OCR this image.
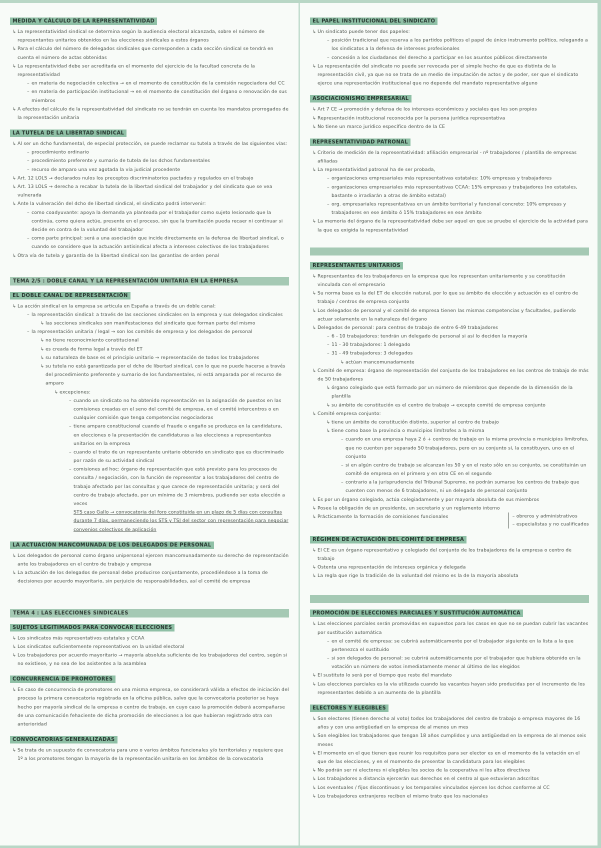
MEDIDA Y CÁLCULO DE LA REPRESENTATIVIDAD
↳ La representatividad sindical se determina según la audiencia electoral alcanzada, sobre el número de representantes unitarios obtenidos en las elecciones sindicales a estos órganos
↳ Para el cálculo del número de delegados sindicales que corresponden a cada sección sindical se tendrá en cuenta el número de actas obtenidas
↳ La representatividad debe ser acreditada en el momento del ejercicio de la facultad concreta de la representatividad
– en materia de negociación colectiva → en el momento de constitución de la comisión negociadora del CC
– en materia de participación institucional → en el momento de constitución del órgano o renovación de sus miembros
↳ A efectos del cálculo de la representatividad del sindicato no se tendrán en cuenta los mandatos prorrogados de la representación unitaria
LA TUTELA DE LA LIBERTAD SINDICAL
↳ Al ser un dcho fundamental, de especial protección, se puede reclamar su tutela a través de las siguientes vías:
– procedimiento ordinario
– procedimiento preferente y sumario de tutela de los dchos fundamentales
– recurso de amparo una vez agotada la vía judicial procedente
↳ Art. 12 LOLS → declarados nulos los preceptos discriminatorios pactados y regulados en el trabajo
↳ Art. 13 LOLS → derecho a recabar la tutela de la libertad sindical del trabajador y del sindicato que se vea vulnerada
↳ Ante la vulneración del dcho de libertad sindical, el sindicato podrá intervenir:
– como coadyuvante: apoya la demanda ya planteada por el trabajador como sujeto lesionado que la continúa, como quiera actúe, presente en el proceso, sin que la tramitación pueda recaer ni continuar si decide en contra de la voluntad del trabajador
– como parte principal: será a una asociación que incide directamente en la defensa de libertad sindical, o cuando se considere que la actuación antisindical afecta a intereses colectivos de los trabajadores
↳ Otra vía de tutela y garantía de la libertad sindical son las garantías de orden penal
TEMA 2/5 : DOBLE CANAL Y LA REPRESENTACIÓN UNITARIA EN LA EMPRESA
EL DOBLE CANAL DE REPRESENTACIÓN
↳ La acción sindical en la empresa se articula en España a través de un doble canal:
– la representación sindical: a través de las secciones sindicales en la empresa y sus delegados sindicales
↳ las secciones sindicales son manifestaciones del sindicato que forman parte del mismo
– la representación unitaria / legal → son los comités de empresa y los delegados de personal
↳ no tiene reconocimiento constitucional
↳ es creada de forma legal a través del ET
↳ su naturaleza de base es el principio unitario → representación de todos los trabajadores
↳ su tutela no está garantizada por el dcho de libertad sindical, con lo que no puede hacerse a través del procedimiento preferente y sumario de los fundamentales, ni está amparada por el recurso de amparo
↳ excepciones:
– cuando un sindicato no ha obtenido representación en la asignación de puestos en las comisiones creadas en el seno del comité de empresa, en el comité intercentros o en cualquier comisión que tenga competencias negociadoras
– tiene amparo constitucional cuando el fraude o engaño se produzca en la candidatura, en elecciones o la presentación de candidaturas a las elecciones a representantes unitarios en la empresa
– cuando el trato de un representante unitario obtenido en sindicato que es discriminado por razón de su actividad sindical
– comisiones ad hoc: órgano de representación que está previsto para los procesos de consulta / negociación, con la función de representar a los trabajadores del centro de trabajo afectado por las consultas y que carece de representación unitaria; y será del centro de trabajo afectado, por un mínimo de 3 miembros, pudiendo ser esta elección a veces
STS caso Gallo → convocatoria del foro constituida en un plazo de 5 días con consultas durante 7 días, permaneciendo los STS y TSJ del sector con representación para negociar convenios colectivos de aplicación
LA ACTUACIÓN MANCOMUNADA DE LOS DELEGADOS DE PERSONAL
↳ Los delegados de personal como órgano unipersonal ejercen mancomunadamente su derecho de representación ante los trabajadores en el centro de trabajo y empresa
↳ La actuación de los delegados de personal debe producirse conjuntamente, procediéndose a la toma de decisiones por acuerdo mayoritario, sin perjuicio de responsabilidades, así el comité de empresa
TEMA 4 : LAS ELECCIONES SINDICALES
SUJETOS LEGITIMADOS PARA CONVOCAR ELECCIONES
↳ Los sindicatos más representativos estatales y CCAA
↳ Los sindicatos suficientemente representativos en la unidad electoral
↳ Los trabajadores por acuerdo mayoritario → mayoría absoluta suficiente de los trabajadores del centro, según si no existiese, y no sea de los asistentes a la asamblea
CONCURRENCIA DE PROMOTORES
↳ En caso de concurrencia de promotores en una misma empresa, se considerará válida a efectos de iniciación del proceso la primera convocatoria registrada en la oficina pública, salvo que la convocatoria posterior se haya hecho por mayoría sindical de la empresa o centro de trabajo, en cuyo caso la promoción deberá acompañarse de una comunicación fehaciente de dicha promoción de elecciones a los que hubieran registrado otra con anterioridad
CONVOCATORIAS GENERALIZADAS
↳ Se trata de un supuesto de convocatoria para uno o varios ámbitos funcionales y/o territoriales y requiere que 1º a los promotores tengan la mayoría de la representación unitaria en los ámbitos de la convocatoria
EL PAPEL INSTITUCIONAL DEL SINDICATO
↳ Un sindicato puede tener dos papeles:
– posición tradicional que reserva a los partidos políticos el papel de único instrumento político, relegando a los sindicatos a la defensa de intereses profesionales
– concesión a los ciudadanos del derecho a participar en los asuntos públicos directamente
↳ La representación del sindicato no puede ser revocada por el simple hecho de que es distinta de la representación civil, ya que no se trata de un medio de imputación de actos y de poder, ser que el sindicato ejerce una representación institucional que no depende del mandato representativo alguno
ASOCIACIONISMO EMPRESARIAL
↳ Art 7 CE → promoción y defensa de los intereses económicos y sociales que les son propios
↳ Representación institucional reconocida por la persona jurídica representativa
↳ No tiene un marco jurídico específico dentro de la CE
REPRESENTATIVIDAD PATRONAL
↳ Criterio de medición de la representatividad: afiliación empresarial - nº trabajadores / plantilla de empresas afiliadas
↳ La representatividad patronal ha de ser probada,
– organizaciones empresariales más representativas estatales: 10% empresas y trabajadores
– organizaciones empresariales más representativas CCAA: 15% empresas y trabajadores (no estatales, bastante o irradiarán a otras de ámbito estatal)
– org. empresariales representativas en un ámbito territorial y funcional concreto: 10% empresas y trabajadores en ese ámbito ó 15% trabajadores en ese ámbito
↳ La memoria del órgano de la representatividad debe ser aquel en que se pruebe el ejercicio de la actividad para la que es exigida la representatividad
REPRESENTANTES UNITARIOS
↳ Representantes de los trabajadores en la empresa que los representan unitariamente y su constitución vinculada con el empresario
↳ Su norma base es la del ET de elección natural, por lo que su ámbito de elección y actuación es el centro de trabajo / centros de empresa conjunto
↳ Los delegados de personal y el comité de empresa tienen las mismas competencias y facultades, pudiendo actuar solamente en la naturaleza del órgano
↳ Delegados de personal: para centros de trabajo de entre 6-49 trabajadores
– 6 - 10 trabajadores: tendrán un delegado de personal si así lo deciden la mayoría
– 11 - 30 trabajadores: 1 delegado
– 31 - 49 trabajadores: 3 delegados
↳ actúan mancomunadamente
↳ Comité de empresa: órgano de representación del conjunto de los trabajadores en los centros de trabajo de más de 50 trabajadores
↳ órgano colegiado que está formado por un número de miembros que depende de la dimensión de la plantilla
↳ su ámbito de constitución es el centro de trabajo → excepto comité de empresa conjunto
↳ Comité empresa conjunto:
↳ tiene un ámbito de constitución distinto, superior al centro de trabajo
↳ tiene como base la provincia o municipios limítrofes a la misma
– cuando en una empresa haya 2 ó + centros de trabajo en la misma provincia o municipios limítrofes, que no cuenten por separado 50 trabajadores, pero en su conjunto sí, la constituyen, uno en el conjunto
– si en algún centro de trabajo se alcanzan los 50 y en el resto sólo en su conjunto, se constituirán un comité de empresa en el primero y en otro CE en el segundo
– contrario a la jurisprudencia del Tribunal Supremo, no podrán sumarse los centros de trabajo que cuenten con menos de 6 trabajadores, ni un delegado de personal conjunto
↳ Es por un órgano colegiado, actúa colegiadamente y por mayoría absoluta de sus miembros
↳ Posee la obligación de un presidente, un secretario y un reglamento interno
↳ Prácticamente la formación de comisiones funcionales	– obreros y administrativos
– especialistas y no cualificados
RÉGIMEN DE ACTUACIÓN DEL COMITÉ DE EMPRESA
↳ El CE es un órgano representativo y colegiado del conjunto de los trabajadores de la empresa o centro de trabajo
↳ Ostenta una representación de intereses orgánica y delegada
↳ La regla que rige la tradición de la voluntad del mismo es la de la mayoría absoluta
PROMOCIÓN DE ELECCIONES PARCIALES Y SUSTITUCIÓN AUTOMÁTICA
↳ Las elecciones parciales serán promovidas en supuestos para los casos en que no se puedan cubrir las vacantes por sustitución automática
– en el comité de empresa: se cubrirá automáticamente por el trabajador siguiente en la lista a la que pertenezca el sustituido
– si son delegados de personal: se cubrirá automáticamente por el trabajador que hubiera obtenido en la votación un número de votos inmediatamente menor al último de los elegidos
↳ El sustituto lo será por el tiempo que reste del mandato
↳ Las elecciones parciales es la vía utilizada cuando las vacantes hayan sido producidas por el incremento de los representantes debido a un aumento de la plantilla
ELECTORES Y ELEGIBLES
↳ Son electores (tienen derecho al voto) todos los trabajadores del centro de trabajo o empresa mayores de 16 años y con una antigüedad en la empresa de al menos un mes
↳ Son elegibles los trabajadores que tengan 18 años cumplidos y una antigüedad en la empresa de al menos seis meses
↳ El momento en el que tienen que reunir los requisitos para ser elector es en el momento de la votación en el que de las elecciones, y en el momento de presentar la candidatura para los elegibles
↳ No podrán ser ni electores ni elegibles los socios de la cooperativa ni los altos directivos
↳ Los trabajadores a distancia ejercerán sus derechos en el centro al que estuvieran adscritos
↳ Los eventuales / fijos discontinuos y los temporales vinculados ejercen los dchos conforme al CC
↳ Los trabajadores extranjeros reciben el mismo trato que los nacionales
